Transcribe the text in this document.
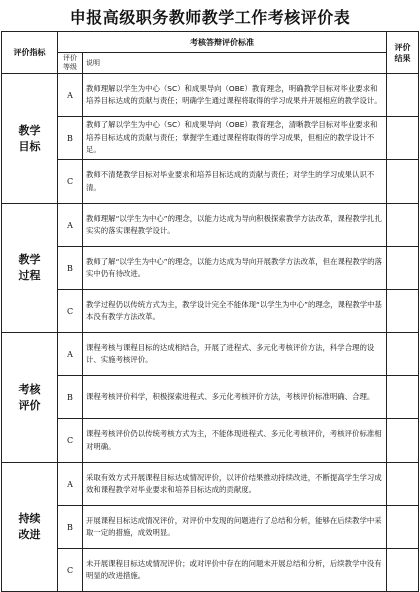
申报高级职务教师教学工作考核评价表
评价指标	考核答辩评价标准		评价结果
	评价等级	说明	
教学目标	A	教师理解以学生为中心（SC）和成果导向（OBE）教育理念，明确教学目标对毕业要求和培养目标达成的贡献与责任；明确学生通过课程将取得的学习成果并开展相应的教学设计。	
	B	教师了解以学生为中心（SC）和成果导向（OBE）教育理念，清晰教学目标对毕业要求和培养目标达成的贡献与责任；掌握学生通过课程将取得的学习成果，但相应的教学设计不足。	
	C	教师不清楚教学目标对毕业要求和培养目标达成的贡献与责任；对学生的学习成果认识不清。	
教学过程	A	教师理解“以学生为中心”的理念，以能力达成为导向积极探索教学方法改革，课程教学扎扎实实的落实课程教学设计。	
	B	教师了解“以学生为中心”的理念，以能力达成为导向开展教学方法改革，但在课程教学的落实中仍有待改进。	
	C	教学过程仍以传统方式为主，教学设计完全不能体现“以学生为中心”的理念，课程教学中基本没有教学方法改革。	
考核评价	A	课程考核与课程目标的达成相结合，开展了进程式、多元化考核评价方法，科学合理的设计、实施考核评价。	
	B	课程考核评价科学，积极探索进程式、多元化考核评价方法，考核评价标准明确、合理。	
	C	课程考核评价仍以传统考核方式为主，不能体现进程式、多元化考核评价，考核评价标准相对明确。	
持续改进	A	采取有效方式开展课程目标达成情况评价，以评价结果推动持续改进，不断提高学生学习成效和课程教学对毕业要求和培养目标达成的贡献度。	
	B	开展课程目标达成情况评价，对评价中发现的问题进行了总结和分析，能够在后续教学中采取一定的措施，成效明显。	
	C	未开展课程目标达成情况评价；或对评价中存在的问题未开展总结和分析，后续教学中没有明显的改进措施。	
